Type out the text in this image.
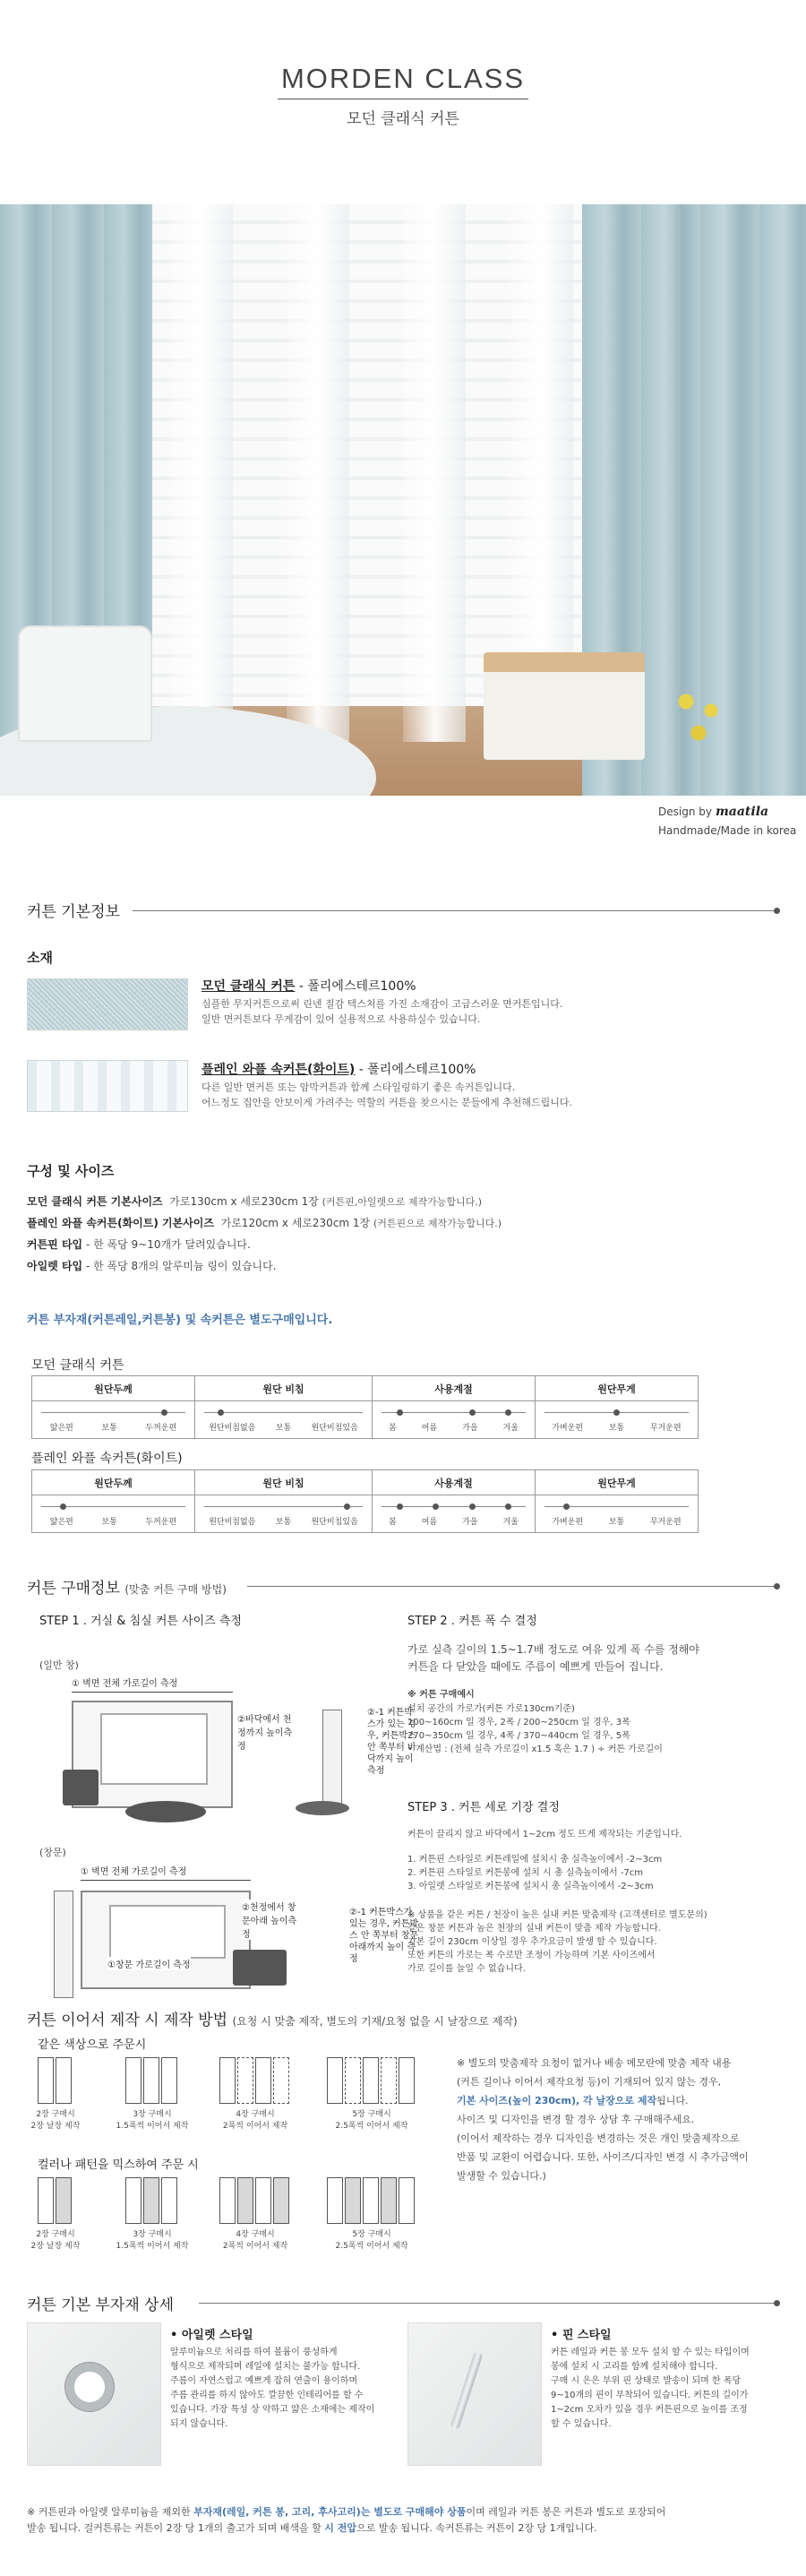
MORDEN CLASS
모던 클래식 커튼
Design by maatila
Handmade/Made in korea
커튼 기본정보
소재
모던 클래식 커튼 - 폴리에스테르100%
심플한 무지커튼으로써 린넨 질감 텍스처를 가진 소재감이 고급스러운 면커튼입니다.
일반 면커튼보다 무게감이 있어 실용적으로 사용하실수 있습니다.
플레인 와플 속커튼(화이트) - 폴리에스테르100%
다른 일반 면커튼 또는 암막커튼과 함께 스타일링하기 좋은 속커튼입니다.
어느정도 집안을 안보이게 가려주는 역할의 커튼을 찾으시는 분들에게 추천해드립니다.
구성 및 사이즈
모던 클래식 커튼 기본사이즈 가로130cm x 세로230cm 1장 (커튼핀,아일렛으로 제작가능합니다.)
플레인 와플 속커튼(화이트) 기본사이즈 가로120cm x 세로230cm 1장 (커튼핀으로 제작가능합니다.)
커튼핀 타입 - 한 폭당 9~10개가 달려있습니다.
아일렛 타입 - 한 폭당 8개의 알루미늄 링이 있습니다.
커튼 부자재(커튼레일,커튼봉) 및 속커튼은 별도구매입니다.
모던 클래식 커튼
원단두께	원단 비침	사용계절	원단무게

얇은편 보통 두꺼운편	원단비침없음 보통 원단비침있음	봄 여름 가을 겨울	가벼운편 보통 무거운편
플레인 와플 속커튼(화이트)
원단두께	원단 비침	사용계절	원단무게

얇은편 보통 두꺼운편	원단비침없음 보통 원단비침있음	봄 여름 가을 겨울	가벼운편 보통 무거운편
커튼 구매정보 (맞춤 커튼 구매 방법)
STEP 1 . 거실 & 침실 커튼 사이즈 측정
(일반 창)
① 벽면 전체 가로길이 측정
②바닥에서 천정까지 높이측정
②-1 커튼박스가 있는 경우, 커튼박스 안 쪽부터 바닥까지 높이 측정
(창문)
① 벽면 전체 가로길이 측정
①창문 가로길이 측정
②천정에서 창문아래 높이측정
②-1 커튼박스가 있는 경우, 커튼박스 안 쪽부터 창문아래까지 높이 측정
STEP 2 . 커튼 폭 수 결정
가로 실측 길이의 1.5~1.7배 정도로 여유 있게 폭 수를 정해야
커튼을 다 닫았을 때에도 주름이 예쁘게 만들어 집니다.
※ 커튼 구매예시
설치 공간의 가로가(커튼 가로130cm기준)
100~160cm 일 경우, 2폭 / 200~250cm 일 경우, 3폭
270~350cm 일 경우, 4폭 / 370~440cm 일 경우, 5폭
• 계산법 : (전체 실측 가로길이 x1.5 혹은 1.7 ) ÷ 커튼 가로길이
STEP 3 . 커튼 세로 기장 결정
커튼이 끌리지 않고 바닥에서 1~2cm 정도 뜨게 제작되는 기준입니다.
1. 커튼핀 스타일로 커튼레일에 설치시 총 실측높이에서 -2~3cm
2. 커튼핀 스타일로 커튼봉에 설치 시 총 실측높이에서 -7cm
3. 아일렛 스타일로 커튼봉에 설치시 총 실측높이에서 -2~3cm
※ 상품을 같은 커튼 / 천장이 높은 실내 커튼 맞춤제작 (고객센터로 별도문의)
같은 창문 커튼과 높은 천장의 실내 커튼이 맞춤 제작 가능합니다.
기본 길이 230cm 이상일 경우 추가요금이 발생 할 수 있습니다.
또한 커튼의 가로는 폭 수로만 조정이 가능하며 기본 사이즈에서
가로 길이를 늘일 수 없습니다.
커튼 이어서 제작 시 제작 방법 (요청 시 맞춤 제작, 별도의 기재/요청 없을 시 날장으로 제작)
같은 색상으로 주문시
2장 구매시
2장 날장 제작
3장 구매시
1.5폭씩 이어서 제작
4장 구매시
2폭씩 이어서 제작
5장 구매시
2.5폭씩 이어서 제작
컬러나 패턴을 믹스하여 주문 시
2장 구매시
2장 날장 제작
3장 구매시
1.5폭씩 이어서 제작
4장 구매시
2폭씩 이어서 제작
5장 구매시
2.5폭씩 이어서 제작
※ 별도의 맞춤제작 요청이 없거나 배송 메모란에 맞춤 제작 내용
(커튼 길이나 이어서 제작요청 등)이 기재되어 있지 않는 경우,
기본 사이즈(높이 230cm), 각 날장으로 제작됩니다.
사이즈 및 디자인을 변경 할 경우 상담 후 구매해주세요.
(이어서 제작하는 경우 디자인을 변경하는 것은 개인 맞춤제작으로
반품 및 교환이 어렵습니다. 또한, 사이즈/디자인 변경 시 추가금액이
발생할 수 있습니다.)
커튼 기본 부자재 상세
• 아일렛 스타일
알루미늄으로 처리를 하여 볼륨이 풍성하게
형식으로 제작되며 레일에 설치는 불가능 합니다.
주름이 자연스럽고 예쁘게 잡혀 연출이 용이하며
주름 관리를 하지 않아도 깔끔한 인테리어를 할 수
있습니다. 가장 특성 상 약하고 얇은 소재에는 제작이
되지 않습니다.
• 핀 스타일
커튼 레일과 커튼 봉 모두 설치 할 수 있는 타입이며
봉에 설치 시 고리를 함께 설치해야 합니다.
구매 시 은은 부위 핀 상태로 발송이 되며 한 폭당
9~10개의 핀이 부착되어 있습니다. 커튼의 길이가
1~2cm 오차가 있을 경우 커튼핀으로 높이를 조정
할 수 있습니다.
※ 커튼핀과 아일렛 알루미늄을 제외한 부자재(레일, 커튼 봉, 고리, 후사고리)는 별도로 구매해야 상품이며 레일과 커튼 봉은 커튼과 별도로 포장되어
발송 됩니다. 걸커튼류는 커튼이 2장 당 1개의 출고가 되며 배색을 할 시 전압으로 발송 됩니다. 속커튼류는 커튼이 2장 당 1개입니다.
